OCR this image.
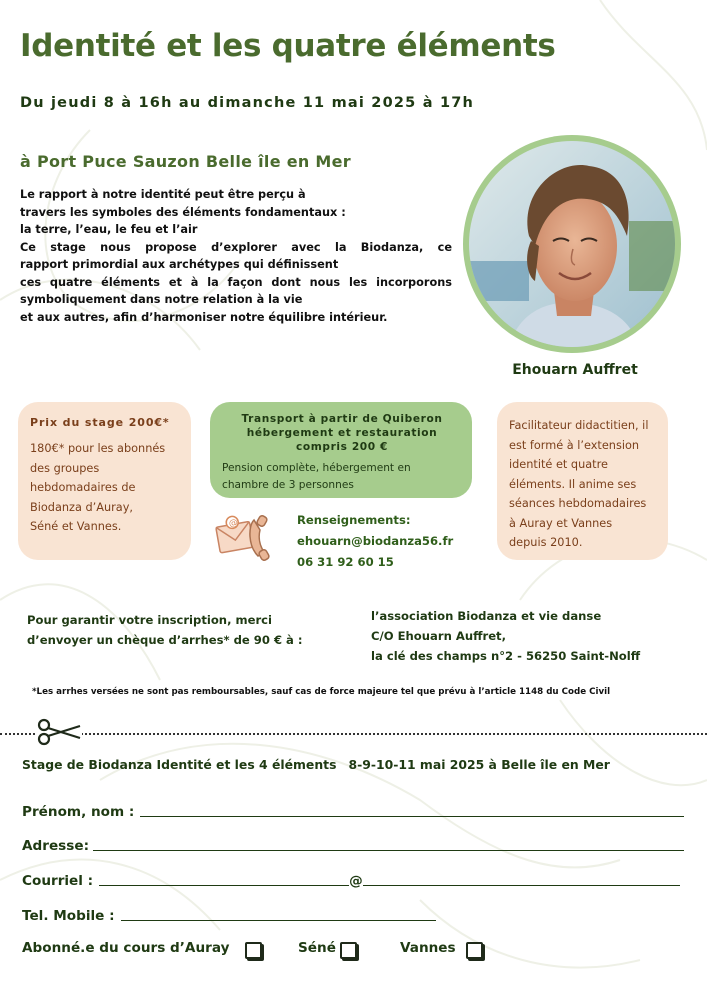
Identité et les quatre éléments
Du jeudi 8 à 16h au dimanche 11 mai 2025 à 17h
à Port Puce Sauzon Belle île en Mer
Le rapport à notre identité peut être perçu à
travers les symboles des éléments fondamentaux :
la terre, l’eau, le feu et l’air
Ce stage nous propose d’explorer avec la Biodanza, ce
rapport primordial aux archétypes qui définissent
ces quatre éléments et à la façon dont nous les incorporons
symboliquement dans notre relation à la vie
et aux autres, afin d’harmoniser notre équilibre intérieur.
Ehouarn Auffret
Prix du stage 200€*
180€* pour les abonnés
des groupes
hebdomadaires de
Biodanza d’Auray,
Séné et Vannes.
Transport à partir de Quiberon
hébergement et restauration
compris 200 €
Pension complète, hébergement en
chambre de 3 personnes
Facilitateur didactitien, il
est formé à l’extension
identité et quatre
éléments. Il anime ses
séances hebdomadaires
à Auray et Vannes
depuis 2010.
@	Renseignements:
ehouarn@biodanza56.fr
06 31 92 60 15
Pour garantir votre inscription, merci
d’envoyer un chèque d’arrhes* de 90 € à :
l’association Biodanza et vie danse
C/O Ehouarn Auffret,
la clé des champs n°2 - 56250 Saint-Nolff
*Les arrhes versées ne sont pas remboursables, sauf cas de force majeure tel que prévu à l’article 1148 du Code Civil
Stage de Biodanza Identité et les 4 éléments 8-9-10-11 mai 2025 à Belle île en Mer
Prénom, nom :
Adresse:
Courriel :	@
Tel. Mobile :
Abonné.e du cours d’Auray	Séné	Vannes
